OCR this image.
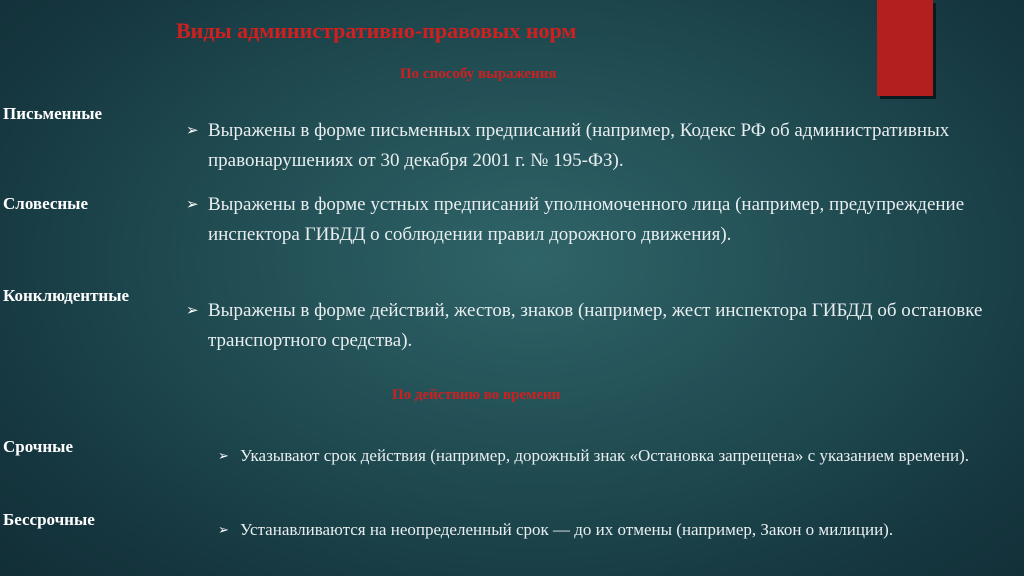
Виды административно-правовых норм
По способу выражения
Письменные
➢ Выражены в форме письменных предписаний (например, Кодекс РФ об административных правонарушениях от 30 декабря 2001 г. № 195-ФЗ).
Словесные	➢ Выражены в форме устных предписаний уполномоченного лица (например, предупреждение инспектора ГИБДД о соблюдении правил дорожного движения).
Конклюдентные
➢ Выражены в форме действий, жестов, знаков (например, жест инспектора ГИБДД об остановке транспортного средства).
По действию во времени
Срочные	➢ Указывают срок действия (например, дорожный знак «Остановка запрещена» с указанием времени).
Бессрочные
➢ Устанавливаются на неопределенный срок — до их отмены (например, Закон о милиции).
